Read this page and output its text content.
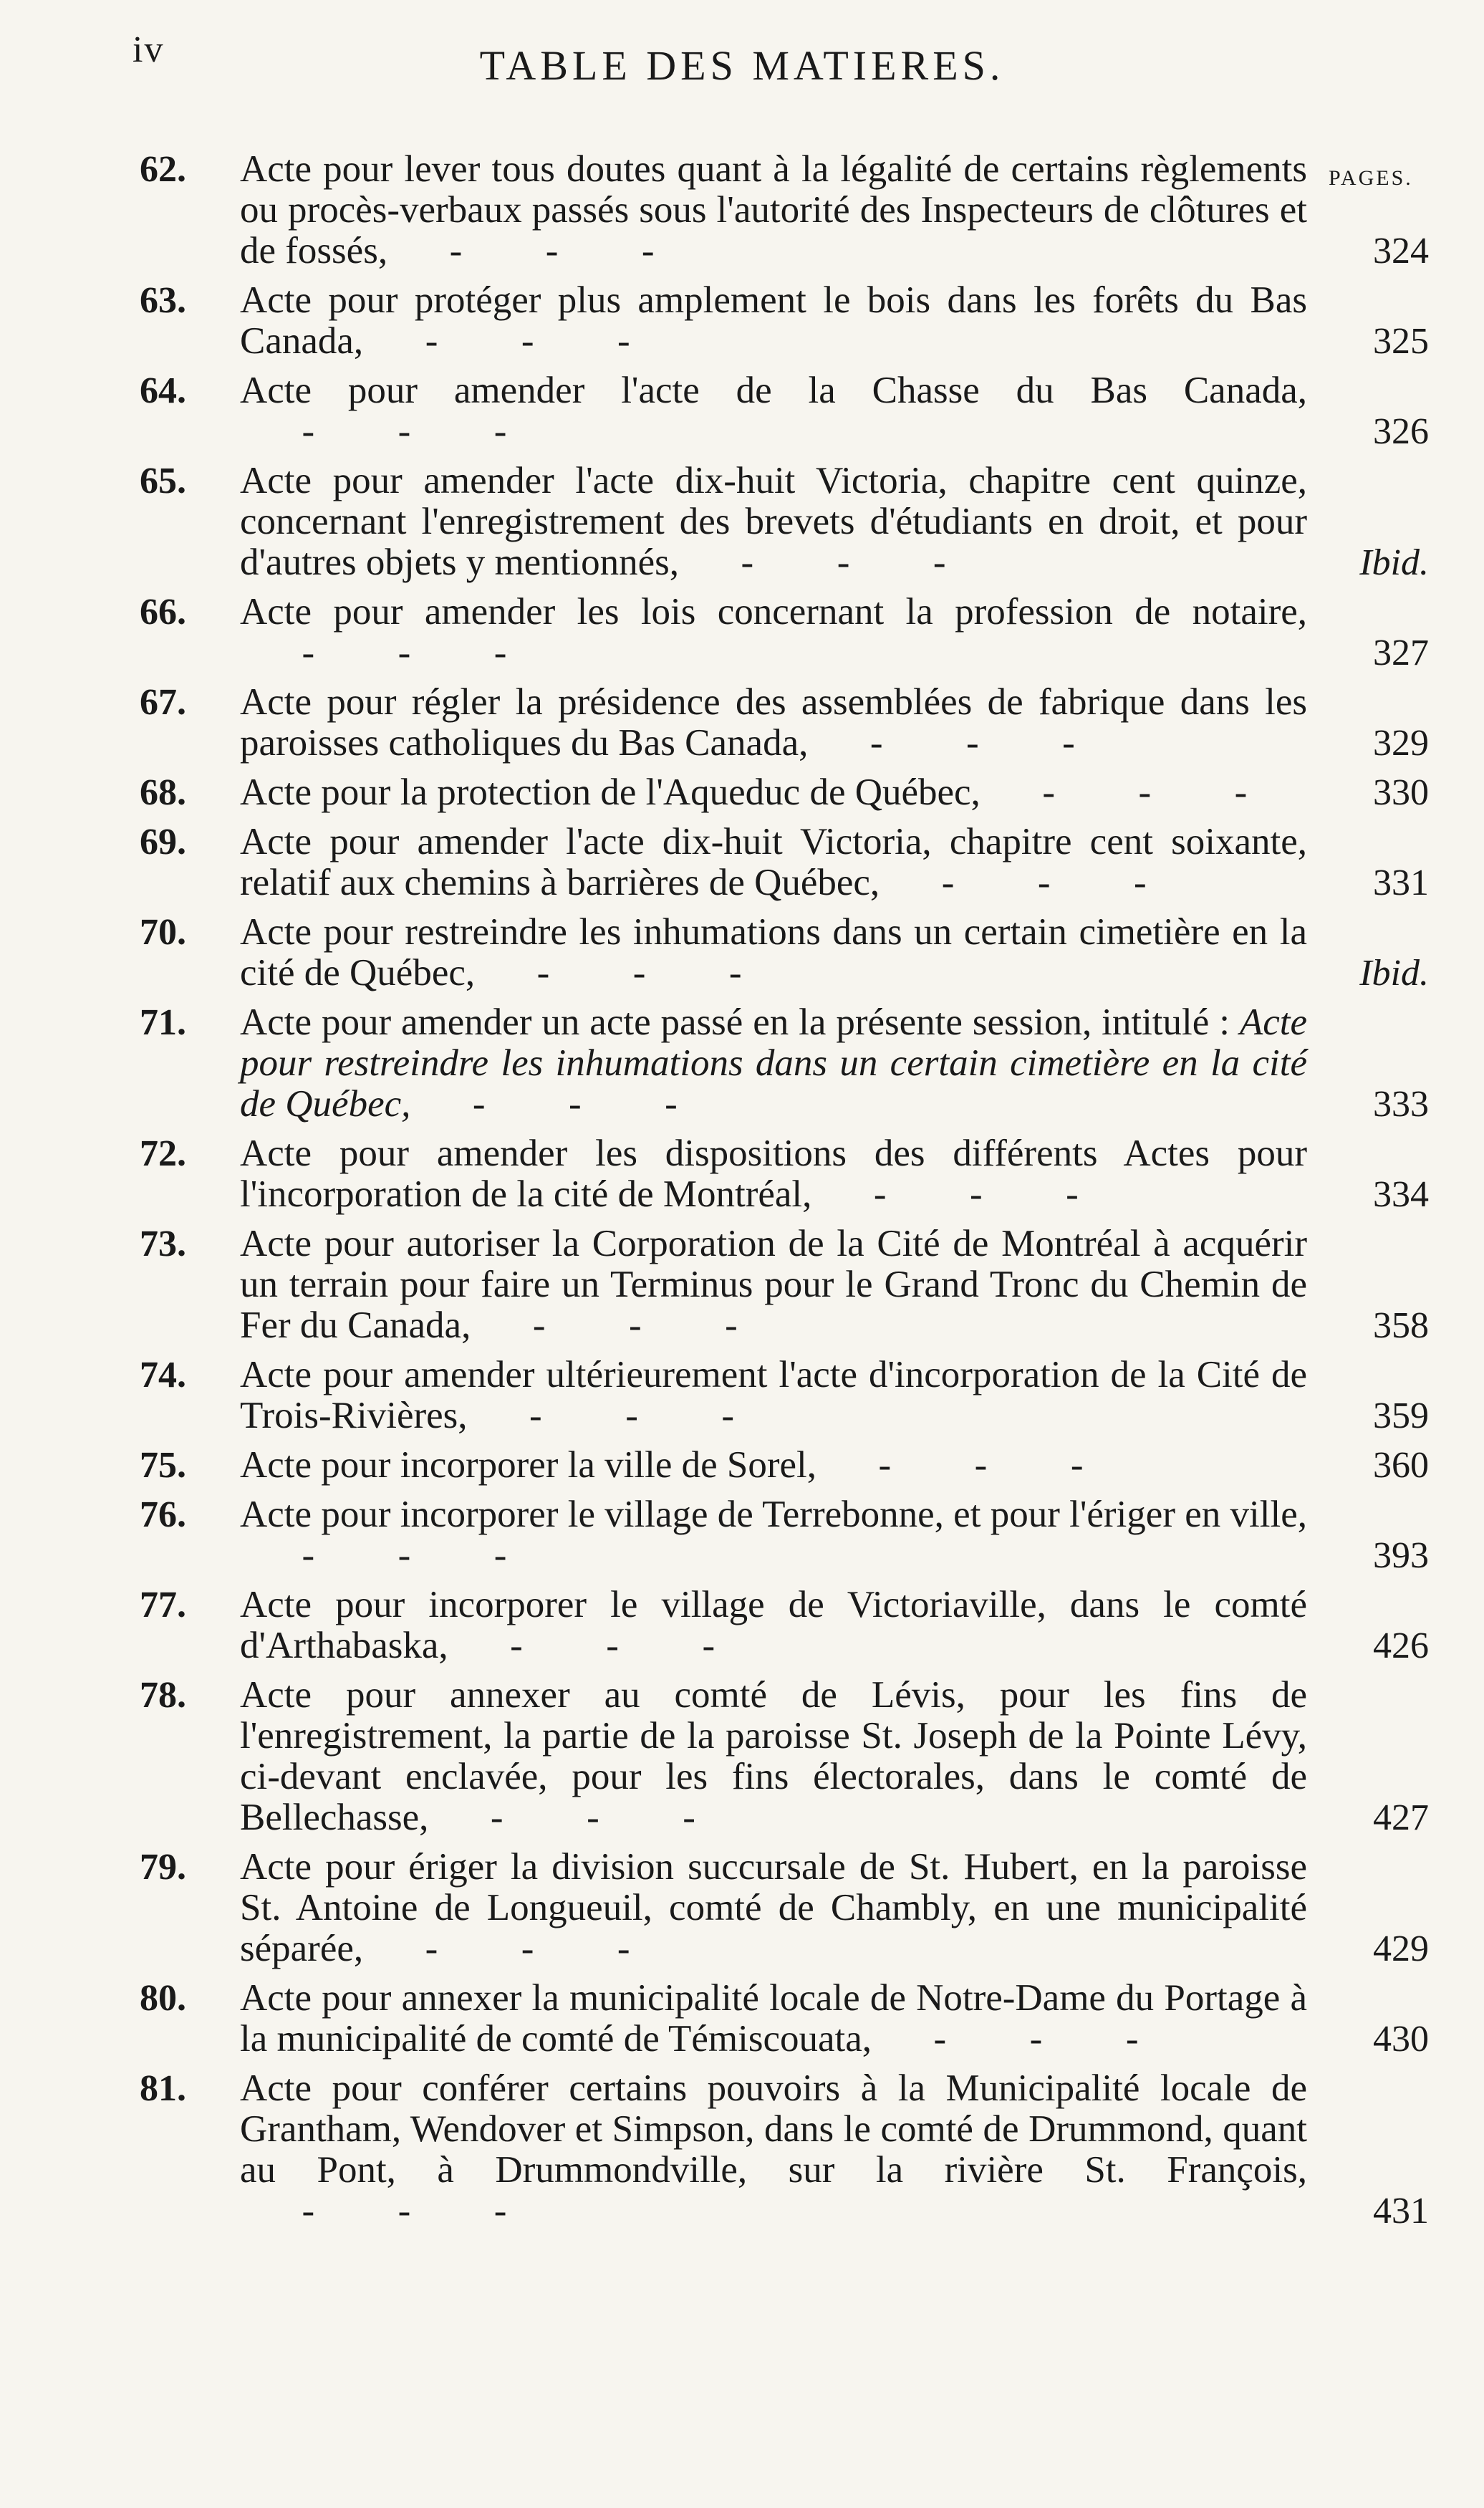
iv	TABLE DES MATIERES.
PAGES.
62.	Acte pour lever tous doutes quant à la légalité de certains règlements ou procès-verbaux passés sous l'autorité des Inspecteurs de clôtures et de fossés,  -  -  -	324
63.	Acte pour protéger plus amplement le bois dans les forêts du Bas Canada,  -  -  -	325
64.	Acte pour amender l'acte de la Chasse du Bas Canada,  -  -  -	326
65.	Acte pour amender l'acte dix-huit Victoria, chapitre cent quinze, concernant l'enregistrement des brevets d'étudiants en droit, et pour d'autres objets y mentionnés,  -  -  -	Ibid.
66.	Acte pour amender les lois concernant la profession de notaire,  -  -  -	327
67.	Acte pour régler la présidence des assemblées de fabrique dans les paroisses catholiques du Bas Canada,  -  -  -	329
68.	Acte pour la protection de l'Aqueduc de Québec,  -  -  -	330
69.	Acte pour amender l'acte dix-huit Victoria, chapitre cent soixante, relatif aux chemins à barrières de Québec,  -  -  -	331
70.	Acte pour restreindre les inhumations dans un certain cimetière en la cité de Québec,  -  -  -	Ibid.
71.	Acte pour amender un acte passé en la présente session, intitulé : Acte pour restreindre les inhumations dans un certain cimetière en la cité de Québec,  -  -  -	333
72.	Acte pour amender les dispositions des différents Actes pour l'incorporation de la cité de Montréal,  -  -  -	334
73.	Acte pour autoriser la Corporation de la Cité de Montréal à acquérir un terrain pour faire un Terminus pour le Grand Tronc du Chemin de Fer du Canada,  -  -  -	358
74.	Acte pour amender ultérieurement l'acte d'incorporation de la Cité de Trois-Rivières,  -  -  -	359
75.	Acte pour incorporer la ville de Sorel,  -  -  -	360
76.	Acte pour incorporer le village de Terrebonne, et pour l'ériger en ville,  -  -  -	393
77.	Acte pour incorporer le village de Victoriaville, dans le comté d'Arthabaska,  -  -  -	426
78.	Acte pour annexer au comté de Lévis, pour les fins de l'enregistrement, la partie de la paroisse St. Joseph de la Pointe Lévy, ci-devant enclavée, pour les fins électorales, dans le comté de Bellechasse,  -  -  -	427
79.	Acte pour ériger la division succursale de St. Hubert, en la paroisse St. Antoine de Longueuil, comté de Chambly, en une municipalité séparée,  -  -  -	429
80.	Acte pour annexer la municipalité locale de Notre-Dame du Portage à la municipalité de comté de Témiscouata,  -  -  -	430
81.	Acte pour conférer certains pouvoirs à la Municipalité locale de Grantham, Wendover et Simpson, dans le comté de Drummond, quant au Pont, à Drummondville, sur la rivière St. François,  -  -  -	431
